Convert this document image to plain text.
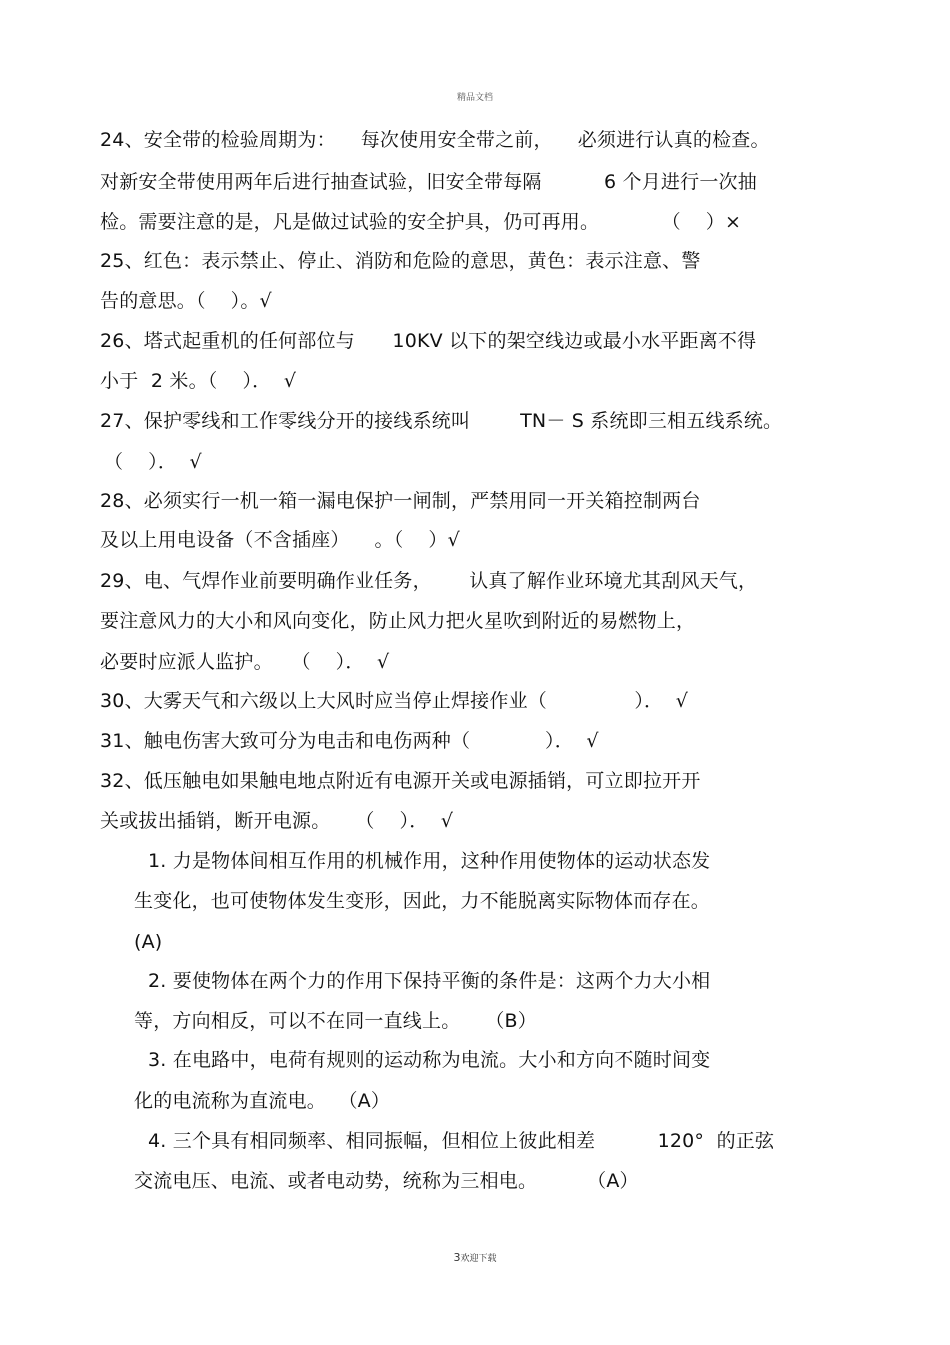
精品文档
24、安全带的检验周期为：    每次使用安全带之前，    必须进行认真的检查。
对新安全带使用两年后进行抽查试验，旧安全带每隔          6 个月进行一次抽
检。需要注意的是，凡是做过试验的安全护具，仍可再用。          （    ）×
25、红色：表示禁止、停止、消防和危险的意思，黄色：表示注意、警
告的意思。（    ）。√
26、塔式起重机的任何部位与      10KV 以下的架空线边或最小水平距离不得
小于  2 米。（    ）．  √
27、保护零线和工作零线分开的接线系统叫        TN－ S 系统即三相五线系统。
（    ）．  √
28、必须实行一机一箱一漏电保护一闸制，严禁用同一开关箱控制两台
及以上用电设备（不含插座）    。（    ）√
29、电、气焊作业前要明确作业任务，      认真了解作业环境尤其刮风天气，
要注意风力的大小和风向变化，防止风力把火星吹到附近的易燃物上，
必要时应派人监护。   （    ）．  √
30、大雾天气和六级以上大风时应当停止焊接作业（              ）．  √
31、触电伤害大致可分为电击和电伤两种（            ）．  √
32、低压触电如果触电地点附近有电源开关或电源插销，可立即拉开开
关或拔出插销，断开电源。    （    ）．  √
1. 力是物体间相互作用的机械作用，这种作用使物体的运动状态发
生变化，也可使物体发生变形，因此，力不能脱离实际物体而存在。
(A)
2. 要使物体在两个力的作用下保持平衡的条件是：这两个力大小相
等，方向相反，可以不在同一直线上。    （B）
3. 在电路中，电荷有规则的运动称为电流。大小和方向不随时间变
化的电流称为直流电。  （A）
4. 三个具有相同频率、相同振幅，但相位上彼此相差          120°  的正弦
交流电压、电流、或者电动势，统称为三相电。        （A）
3欢迎下载
